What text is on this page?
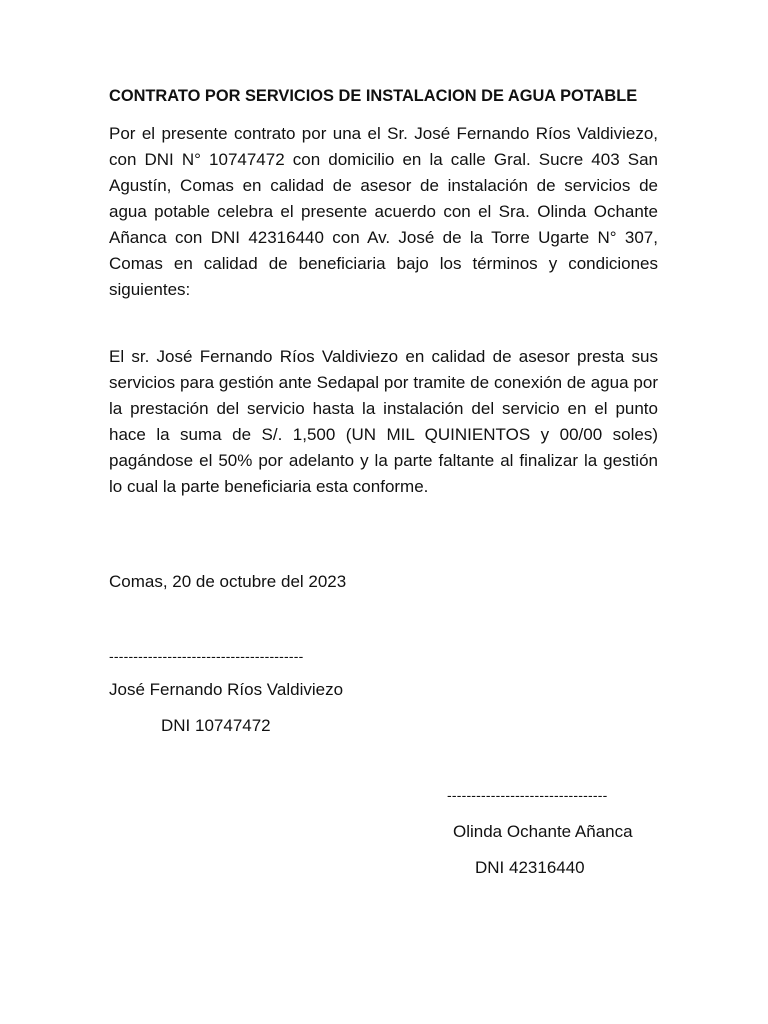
CONTRATO POR SERVICIOS DE INSTALACION DE AGUA POTABLE

Por el presente contrato por una el Sr. José Fernando Ríos Valdiviezo, con DNI N° 10747472 con domicilio en la calle Gral. Sucre 403 San Agustín, Comas en calidad de asesor de instalación de servicios de agua potable celebra el presente acuerdo con el Sra. Olinda Ochante Añanca con DNI 42316440 con Av. José de la Torre Ugarte N° 307, Comas en calidad de beneficiaria bajo los términos y condiciones siguientes:

El sr. José Fernando Ríos Valdiviezo en calidad de asesor presta sus servicios para gestión ante Sedapal por tramite de conexión de agua por la prestación del servicio hasta la instalación del servicio en el punto hace la suma de S/. 1,500 (UN MIL QUINIENTOS y 00/00 soles) pagándose el 50% por adelanto y la parte faltante al finalizar la gestión lo cual la parte beneficiaria esta conforme.

Comas, 20 de octubre del 2023
----------------------------------------
José Fernando Ríos Valdiviezo
DNI 10747472
---------------------------------
Olinda Ochante Añanca
DNI 42316440
